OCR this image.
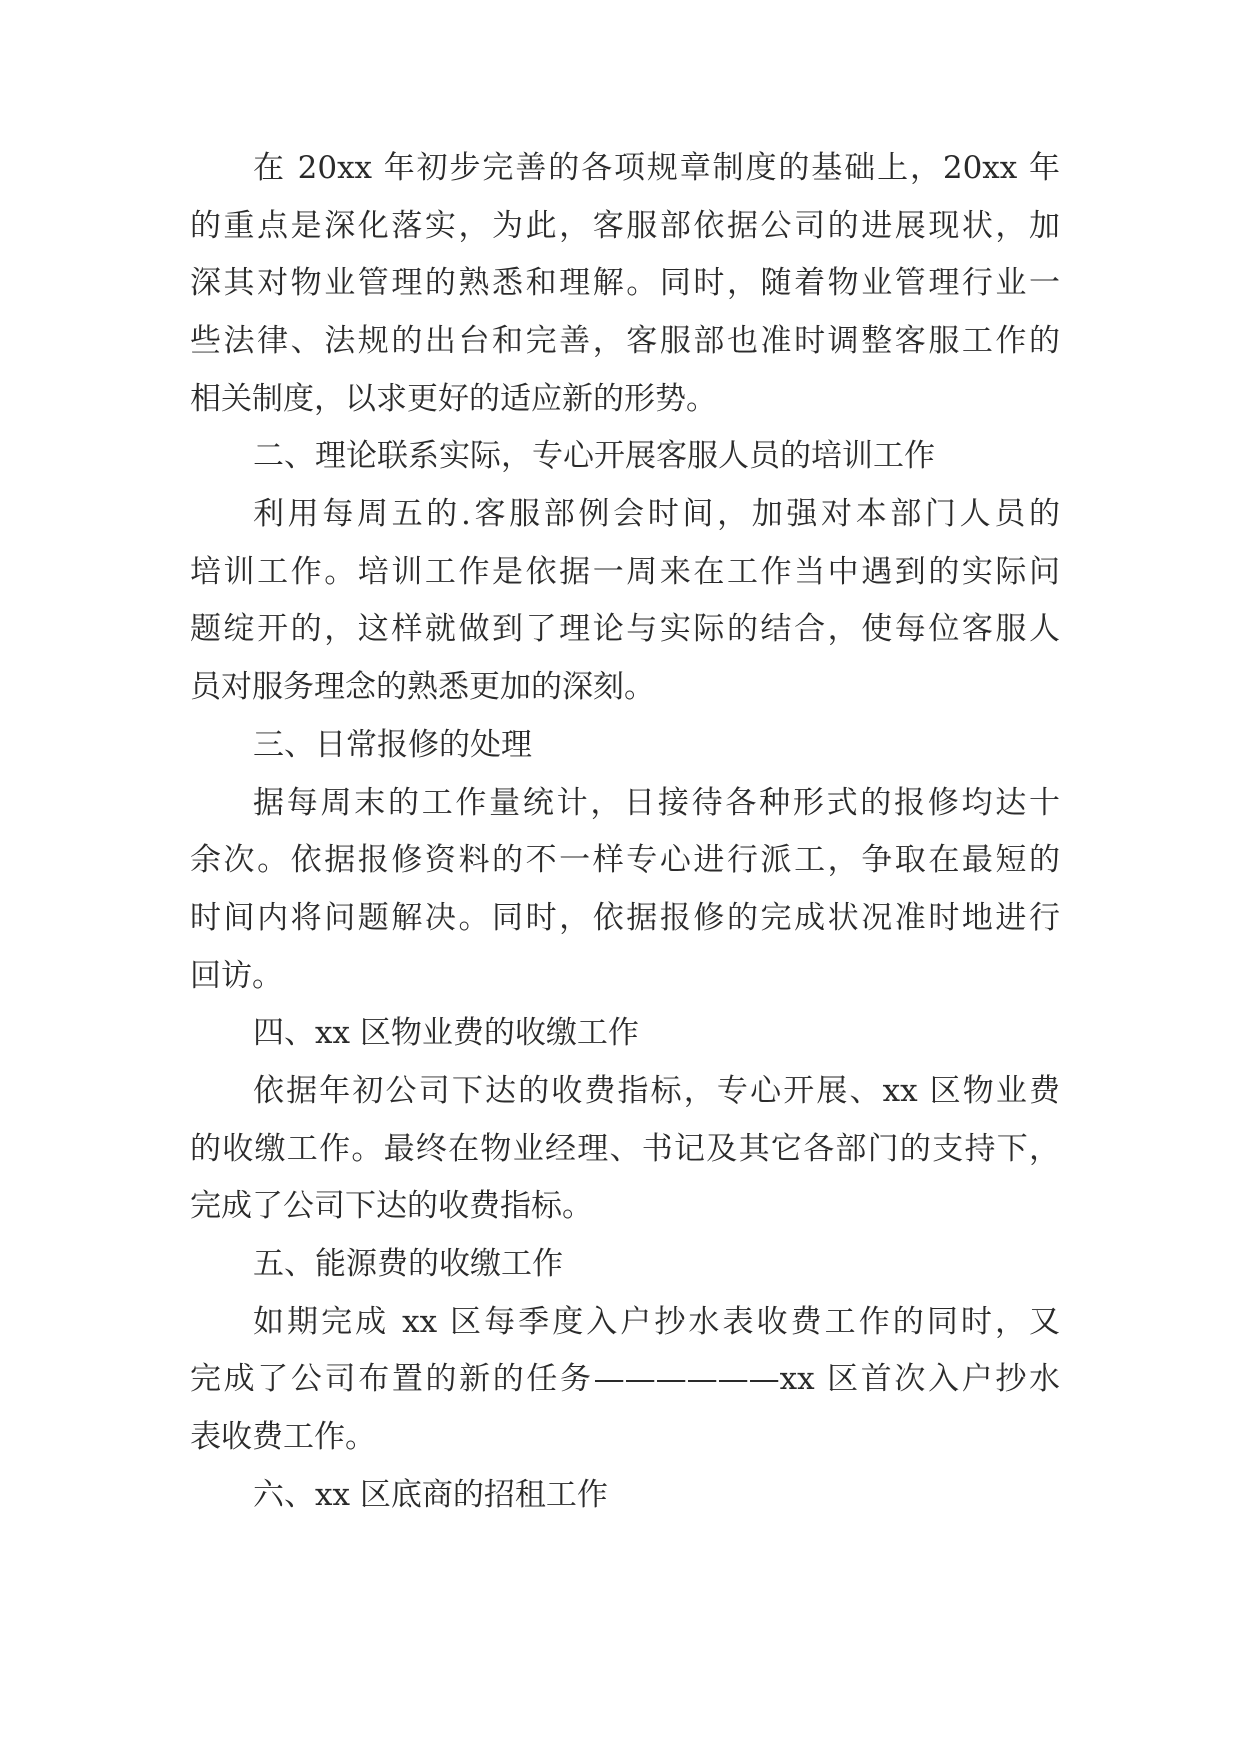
在 20xx 年初步完善的各项规章制度的基础上，20xx 年

的重点是深化落实，为此，客服部依据公司的进展现状，加

深其对物业管理的熟悉和理解。同时，随着物业管理行业一

些法律、法规的出台和完善，客服部也准时调整客服工作的

相关制度，以求更好的适应新的形势。

二、理论联系实际，专心开展客服人员的培训工作

利用每周五的.客服部例会时间，加强对本部门人员的

培训工作。培训工作是依据一周来在工作当中遇到的实际问

题绽开的，这样就做到了理论与实际的结合，使每位客服人

员对服务理念的熟悉更加的深刻。

三、日常报修的处理

据每周末的工作量统计，日接待各种形式的报修均达十

余次。依据报修资料的不一样专心进行派工，争取在最短的

时间内将问题解决。同时，依据报修的完成状况准时地进行

回访。

四、xx 区物业费的收缴工作

依据年初公司下达的收费指标，专心开展、xx 区物业费

的收缴工作。最终在物业经理、书记及其它各部门的支持下，

完成了公司下达的收费指标。

五、能源费的收缴工作

如期完成 xx 区每季度入户抄水表收费工作的同时，又

完成了公司布置的新的任务——————xx 区首次入户抄水

表收费工作。

六、xx 区底商的招租工作
